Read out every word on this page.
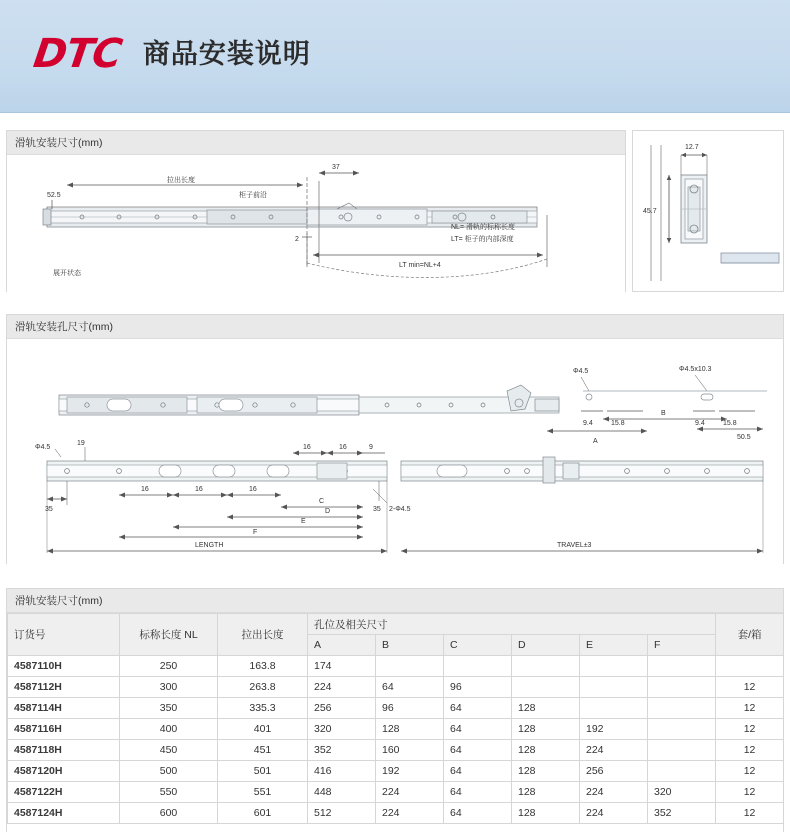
DTC 商品安装说明
滑轨安装尺寸(mm)
52.5
37
拉出长度
柜子前沿
LT min=NL+4
2
展开状态
NL= 滑轨的标称长度
LT= 柜子的内部深度
12.7
45.7
滑轨安装孔尺寸(mm)
Φ4.5	Φ4.5x10.3
9.4	15.8	9.4	15.8
50.5
A
B
Φ4.5
19
35
16	16	16
16	16	9
35 2-Φ4.5
C
D
E
F
LENGTH	TRAVEL±3
滑轨安装尺寸(mm)
订货号	标称长度 NL	拉出长度	孔位及相关尺寸						套/箱
			A	B	C	D	E	F	
4587110H	250	163.8	174						
4587112H	300	263.8	224	64	96				12
4587114H	350	335.3	256	96	64	128			12
4587116H	400	401	320	128	64	128	192		12
4587118H	450	451	352	160	64	128	224		12
4587120H	500	501	416	192	64	128	256		12
4587122H	550	551	448	224	64	128	224	320	12
4587124H	600	601	512	224	64	128	224	352	12
